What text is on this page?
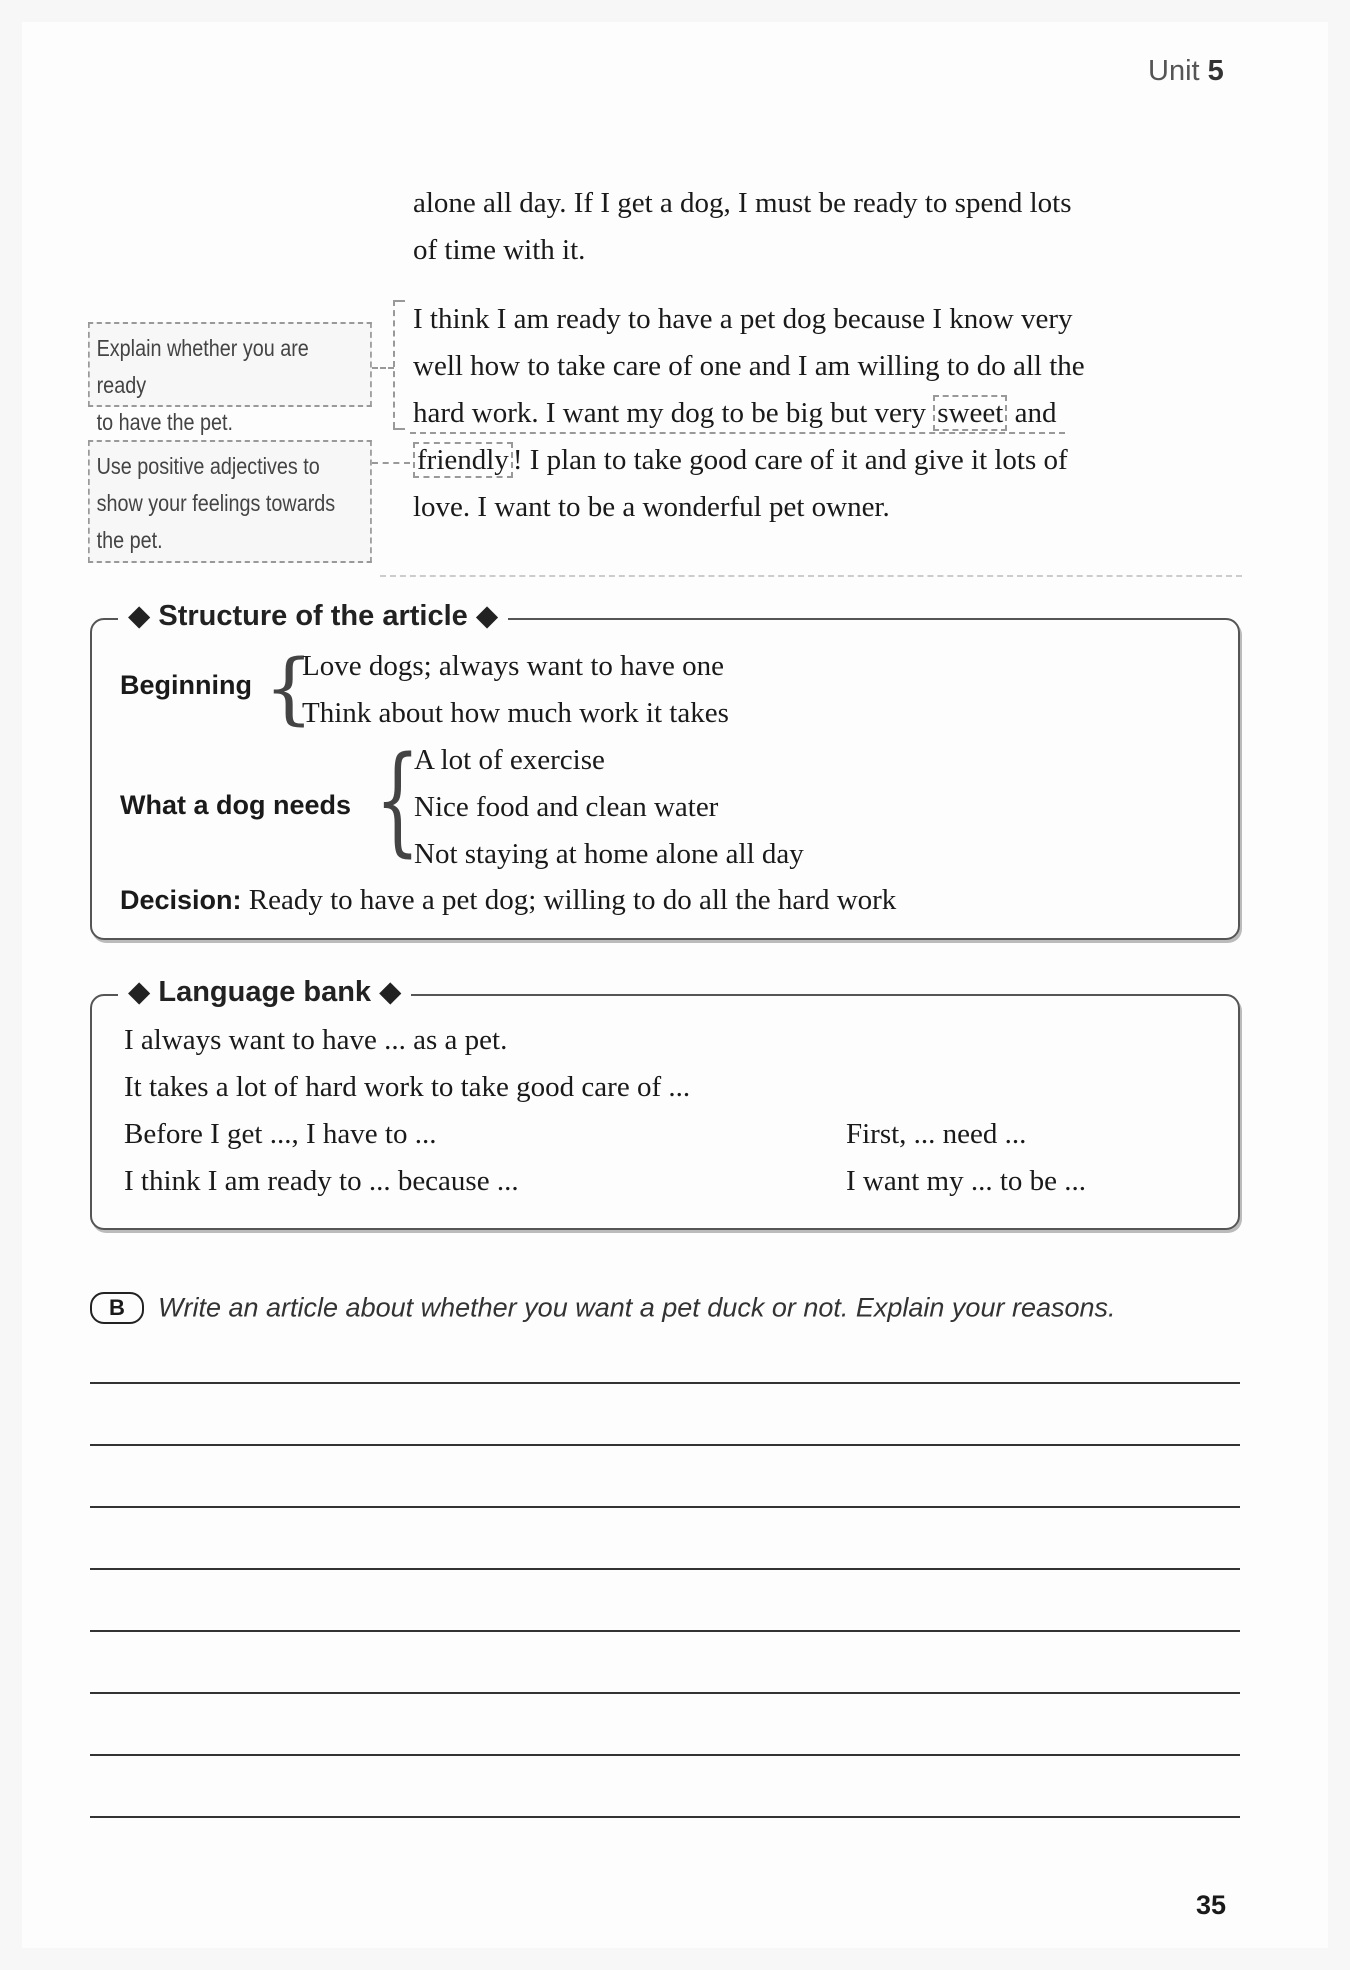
Unit 5
alone all day. If I get a dog, I must be ready to spend lots
of time with it.
I think I am ready to have a pet dog because I know very
well how to take care of one and I am willing to do all the
hard work. I want my dog to be big but very sweet and
friendly ! I plan to take good care of it and give it lots of
love. I want to be a wonderful pet owner.
Explain whether you are ready
to have the pet.
Use positive adjectives to
show your feelings towards
the pet.
◆ Structure of the article ◆
Beginning {
Love dogs; always want to have one
Think about how much work it takes
What a dog needs {
A lot of exercise
Nice food and clean water
Not staying at home alone all day
Decision: Ready to have a pet dog; willing to do all the hard work
◆ Language bank ◆
I always want to have ... as a pet.
It takes a lot of hard work to take good care of ...
Before I get ..., I have to ...	First, ... need ...
I think I am ready to ... because ...	I want my ... to be ...
B Write an article about whether you want a pet duck or not. Explain your reasons.
35
